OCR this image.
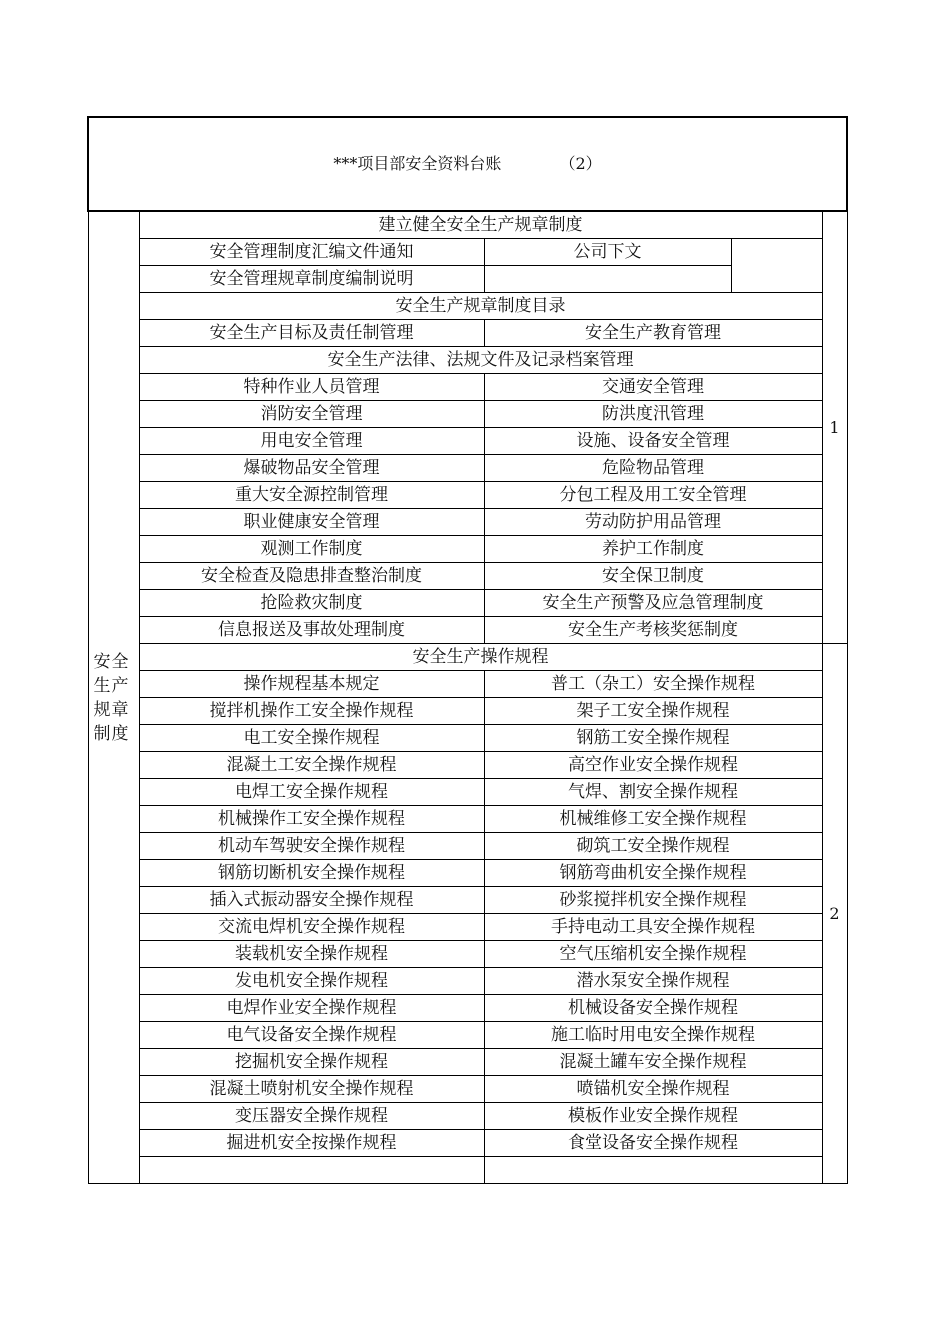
***项目部安全资料台账 （2）				
安全生产规章制度	建立健全安全生产规章制度			1
	安全管理制度汇编文件通知	公司下文		
	安全管理规章制度编制说明			
	安全生产规章制度目录			
	安全生产目标及责任制管理	安全生产教育管理		
	安全生产法律、法规文件及记录档案管理			
	特种作业人员管理	交通安全管理		
	消防安全管理	防洪度汛管理		
	用电安全管理	设施、设备安全管理		
	爆破物品安全管理	危险物品管理		
	重大安全源控制管理	分包工程及用工安全管理		
	职业健康安全管理	劳动防护用品管理		
	观测工作制度	养护工作制度		
	安全检查及隐患排查整治制度	安全保卫制度		
	抢险救灾制度	安全生产预警及应急管理制度		
	信息报送及事故处理制度	安全生产考核奖惩制度		
	安全生产操作规程			2
	操作规程基本规定	普工（杂工）安全操作规程		
	搅拌机操作工安全操作规程	架子工安全操作规程		
	电工安全操作规程	钢筋工安全操作规程		
	混凝土工安全操作规程	高空作业安全操作规程		
	电焊工安全操作规程	气焊、割安全操作规程		
	机械操作工安全操作规程	机械维修工安全操作规程		
	机动车驾驶安全操作规程	砌筑工安全操作规程		
	钢筋切断机安全操作规程	钢筋弯曲机安全操作规程		
	插入式振动器安全操作规程	砂浆搅拌机安全操作规程		
	交流电焊机安全操作规程	手持电动工具安全操作规程		
	装载机安全操作规程	空气压缩机安全操作规程		
	发电机安全操作规程	潜水泵安全操作规程		
	电焊作业安全操作规程	机械设备安全操作规程		
	电气设备安全操作规程	施工临时用电安全操作规程		
	挖掘机安全操作规程	混凝土罐车安全操作规程		
	混凝土喷射机安全操作规程	喷锚机安全操作规程		
	变压器安全操作规程	模板作业安全操作规程		
	掘进机安全按操作规程	食堂设备安全操作规程		
